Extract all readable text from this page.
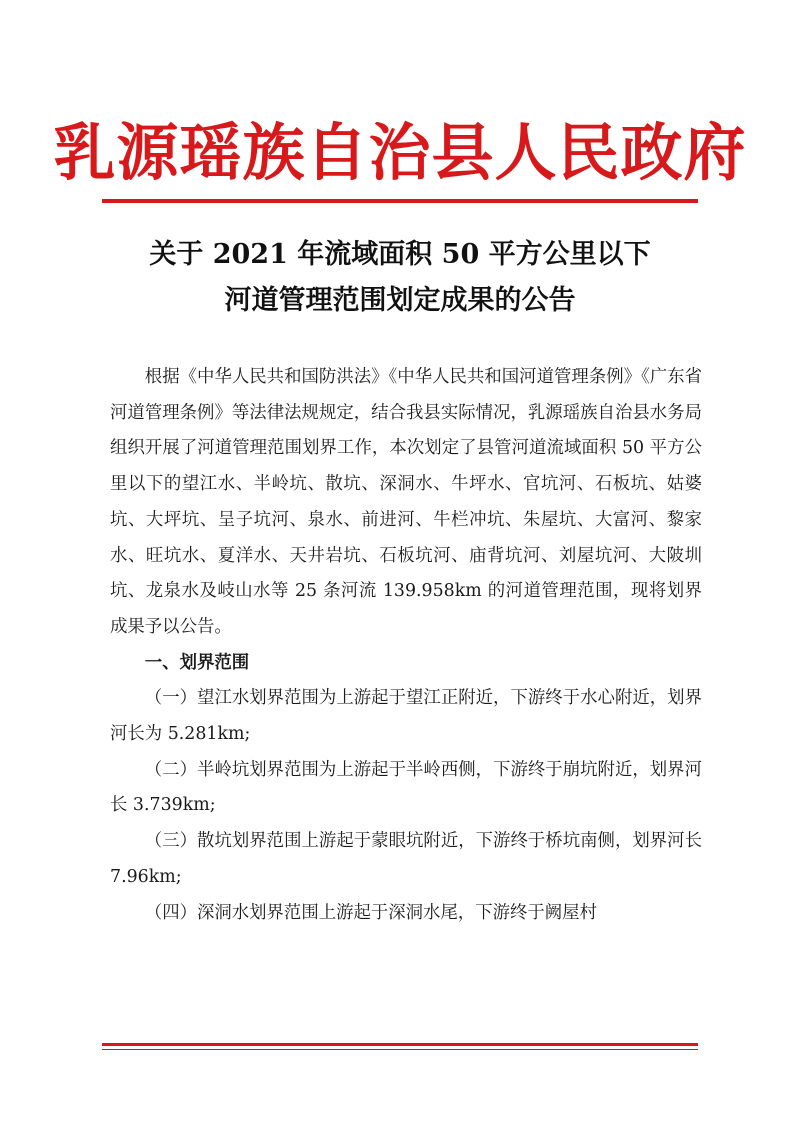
乳源瑶族自治县人民政府
关于 2021 年流域面积 50 平方公里以下
河道管理范围划定成果的公告

根据《中华人民共和国防洪法》《中华人民共和国河道管理条例》《广东省河道管理条例》等法律法规规定，结合我县实际情况，乳源瑶族自治县水务局组织开展了河道管理范围划界工作，本次划定了县管河道流域面积 50 平方公里以下的望江水、半岭坑、散坑、深洞水、牛坪水、官坑河、石板坑、姑婆坑、大坪坑、呈子坑河、泉水、前进河、牛栏冲坑、朱屋坑、大富河、黎家水、旺坑水、夏洋水、天井岩坑、石板坑河、庙背坑河、刘屋坑河、大陂圳坑、龙泉水及岐山水等 25 条河流 139.958km 的河道管理范围，现将划界成果予以公告。

一、划界范围

（一）望江水划界范围为上游起于望江正附近，下游终于水心附近，划界河长为 5.281km;

（二）半岭坑划界范围为上游起于半岭西侧，下游终于崩坑附近，划界河长 3.739km;

（三）散坑划界范围上游起于蒙眼坑附近，下游终于桥坑南侧，划界河长 7.96km;

（四）深洞水划界范围上游起于深洞水尾，下游终于阙屋村
